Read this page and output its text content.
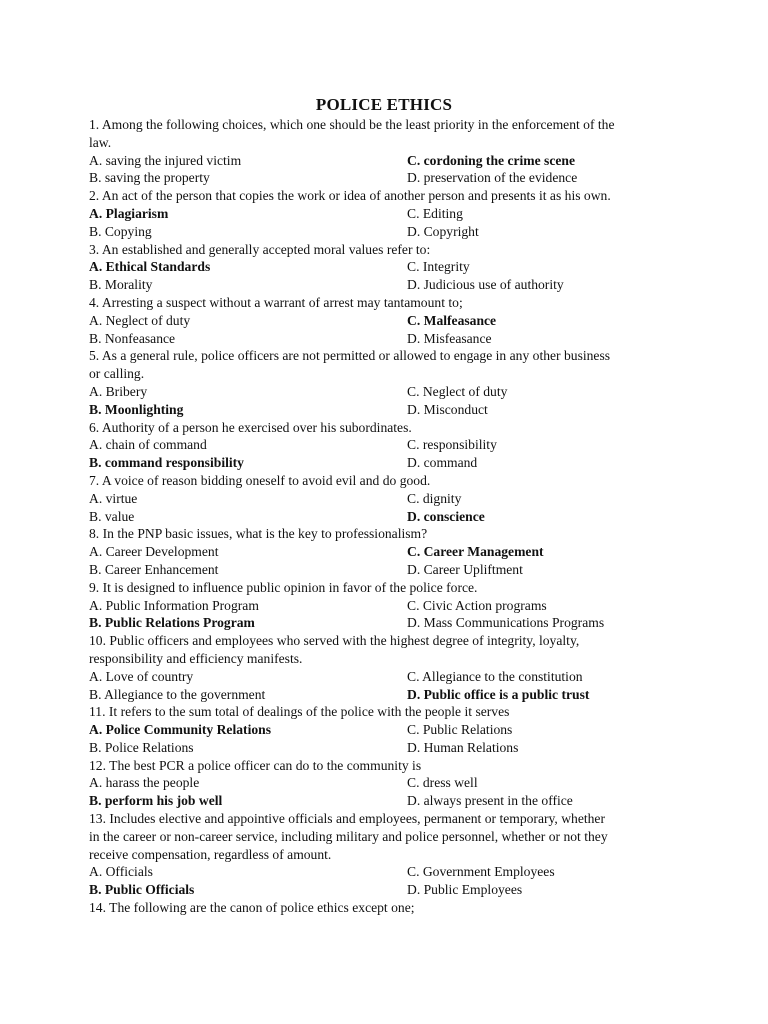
POLICE ETHICS
1. Among the following choices, which one should be the least priority in the enforcement of the
law.
A. saving the injured victim	C. cordoning the crime scene
B. saving the property	D. preservation of the evidence
2. An act of the person that copies the work or idea of another person and presents it as his own.
A. Plagiarism	C. Editing
B. Copying	D. Copyright
3. An established and generally accepted moral values refer to:
A. Ethical Standards	C. Integrity
B. Morality	D. Judicious use of authority
4. Arresting a suspect without a warrant of arrest may tantamount to;
A. Neglect of duty	C. Malfeasance
B. Nonfeasance	D. Misfeasance
5. As a general rule, police officers are not permitted or allowed to engage in any other business
or calling.
A. Bribery	C. Neglect of duty
B. Moonlighting	D. Misconduct
6. Authority of a person he exercised over his subordinates.
A. chain of command	C. responsibility
B. command responsibility	D. command
7. A voice of reason bidding oneself to avoid evil and do good.
A. virtue	C. dignity
B. value	D. conscience
8. In the PNP basic issues, what is the key to professionalism?
A. Career Development	C. Career Management
B. Career Enhancement	D. Career Upliftment
9. It is designed to influence public opinion in favor of the police force.
A. Public Information Program	C. Civic Action programs
B. Public Relations Program	D. Mass Communications Programs
10. Public officers and employees who served with the highest degree of integrity, loyalty,
responsibility and efficiency manifests.
A. Love of country	C. Allegiance to the constitution
B. Allegiance to the government	D. Public office is a public trust
11. It refers to the sum total of dealings of the police with the people it serves
A. Police Community Relations	C. Public Relations
B. Police Relations	D. Human Relations
12. The best PCR a police officer can do to the community is
A. harass the people	C. dress well
B. perform his job well	D. always present in the office
13. Includes elective and appointive officials and employees, permanent or temporary, whether
in the career or non-career service, including military and police personnel, whether or not they
receive compensation, regardless of amount.
A. Officials	C. Government Employees
B. Public Officials	D. Public Employees
14. The following are the canon of police ethics except one;
